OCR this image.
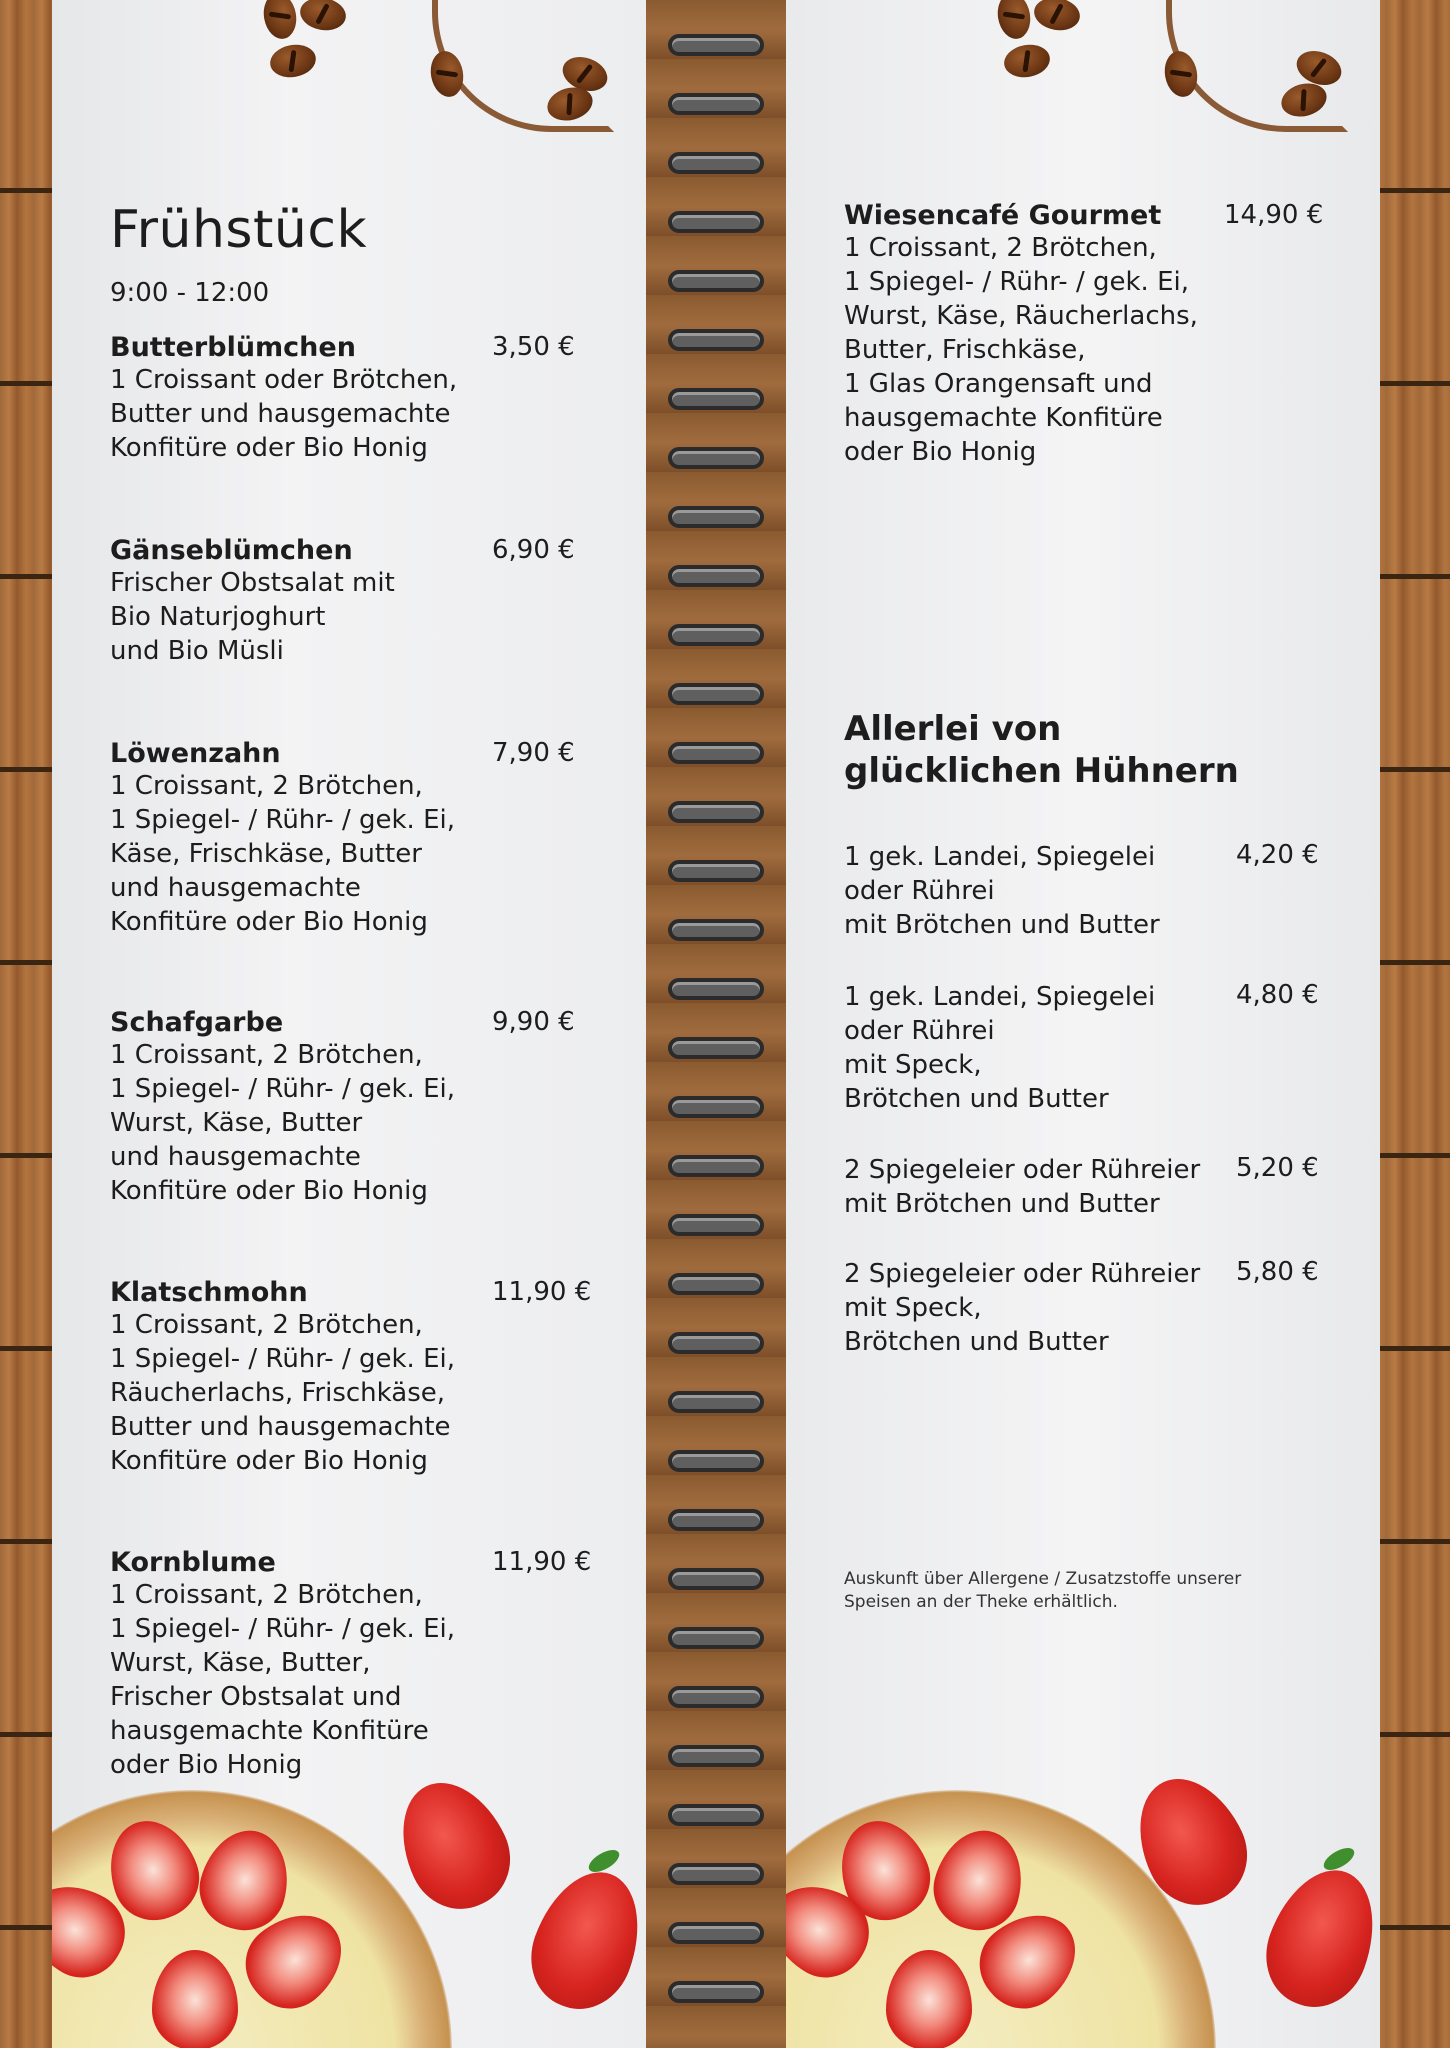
Frühstück
9:00 - 12:00
Butterblümchen	3,50 €
1 Croissant oder Brötchen,
Butter und hausgemachte
Konfitüre oder Bio Honig
Gänseblümchen	6,90 €
Frischer Obstsalat mit
Bio Naturjoghurt
und Bio Müsli
Löwenzahn	7,90 €
1 Croissant, 2 Brötchen,
1 Spiegel- / Rühr- / gek. Ei,
Käse, Frischkäse, Butter
und hausgemachte
Konfitüre oder Bio Honig
Schafgarbe	9,90 €
1 Croissant, 2 Brötchen,
1 Spiegel- / Rühr- / gek. Ei,
Wurst, Käse, Butter
und hausgemachte
Konfitüre oder Bio Honig
Klatschmohn	11,90 €
1 Croissant, 2 Brötchen,
1 Spiegel- / Rühr- / gek. Ei,
Räucherlachs, Frischkäse,
Butter und hausgemachte
Konfitüre oder Bio Honig
Kornblume	11,90 €
1 Croissant, 2 Brötchen,
1 Spiegel- / Rühr- / gek. Ei,
Wurst, Käse, Butter,
Frischer Obstsalat und
hausgemachte Konfitüre
oder Bio Honig
Wiesencafé Gourmet	14,90 €
1 Croissant, 2 Brötchen,
1 Spiegel- / Rühr- / gek. Ei,
Wurst, Käse, Räucherlachs,
Butter, Frischkäse,
1 Glas Orangensaft und
hausgemachte Konfitüre
oder Bio Honig
Allerlei von
glücklichen Hühnern
1 gek. Landei, Spiegelei
oder Rührei
mit Brötchen und Butter
4,20 €
1 gek. Landei, Spiegelei
oder Rührei
mit Speck,
Brötchen und Butter
4,80 €
2 Spiegeleier oder Rühreier
mit Brötchen und Butter
5,20 €
2 Spiegeleier oder Rühreier
mit Speck,
Brötchen und Butter
5,80 €
Auskunft über Allergene / Zusatzstoffe unserer
Speisen an der Theke erhältlich.
